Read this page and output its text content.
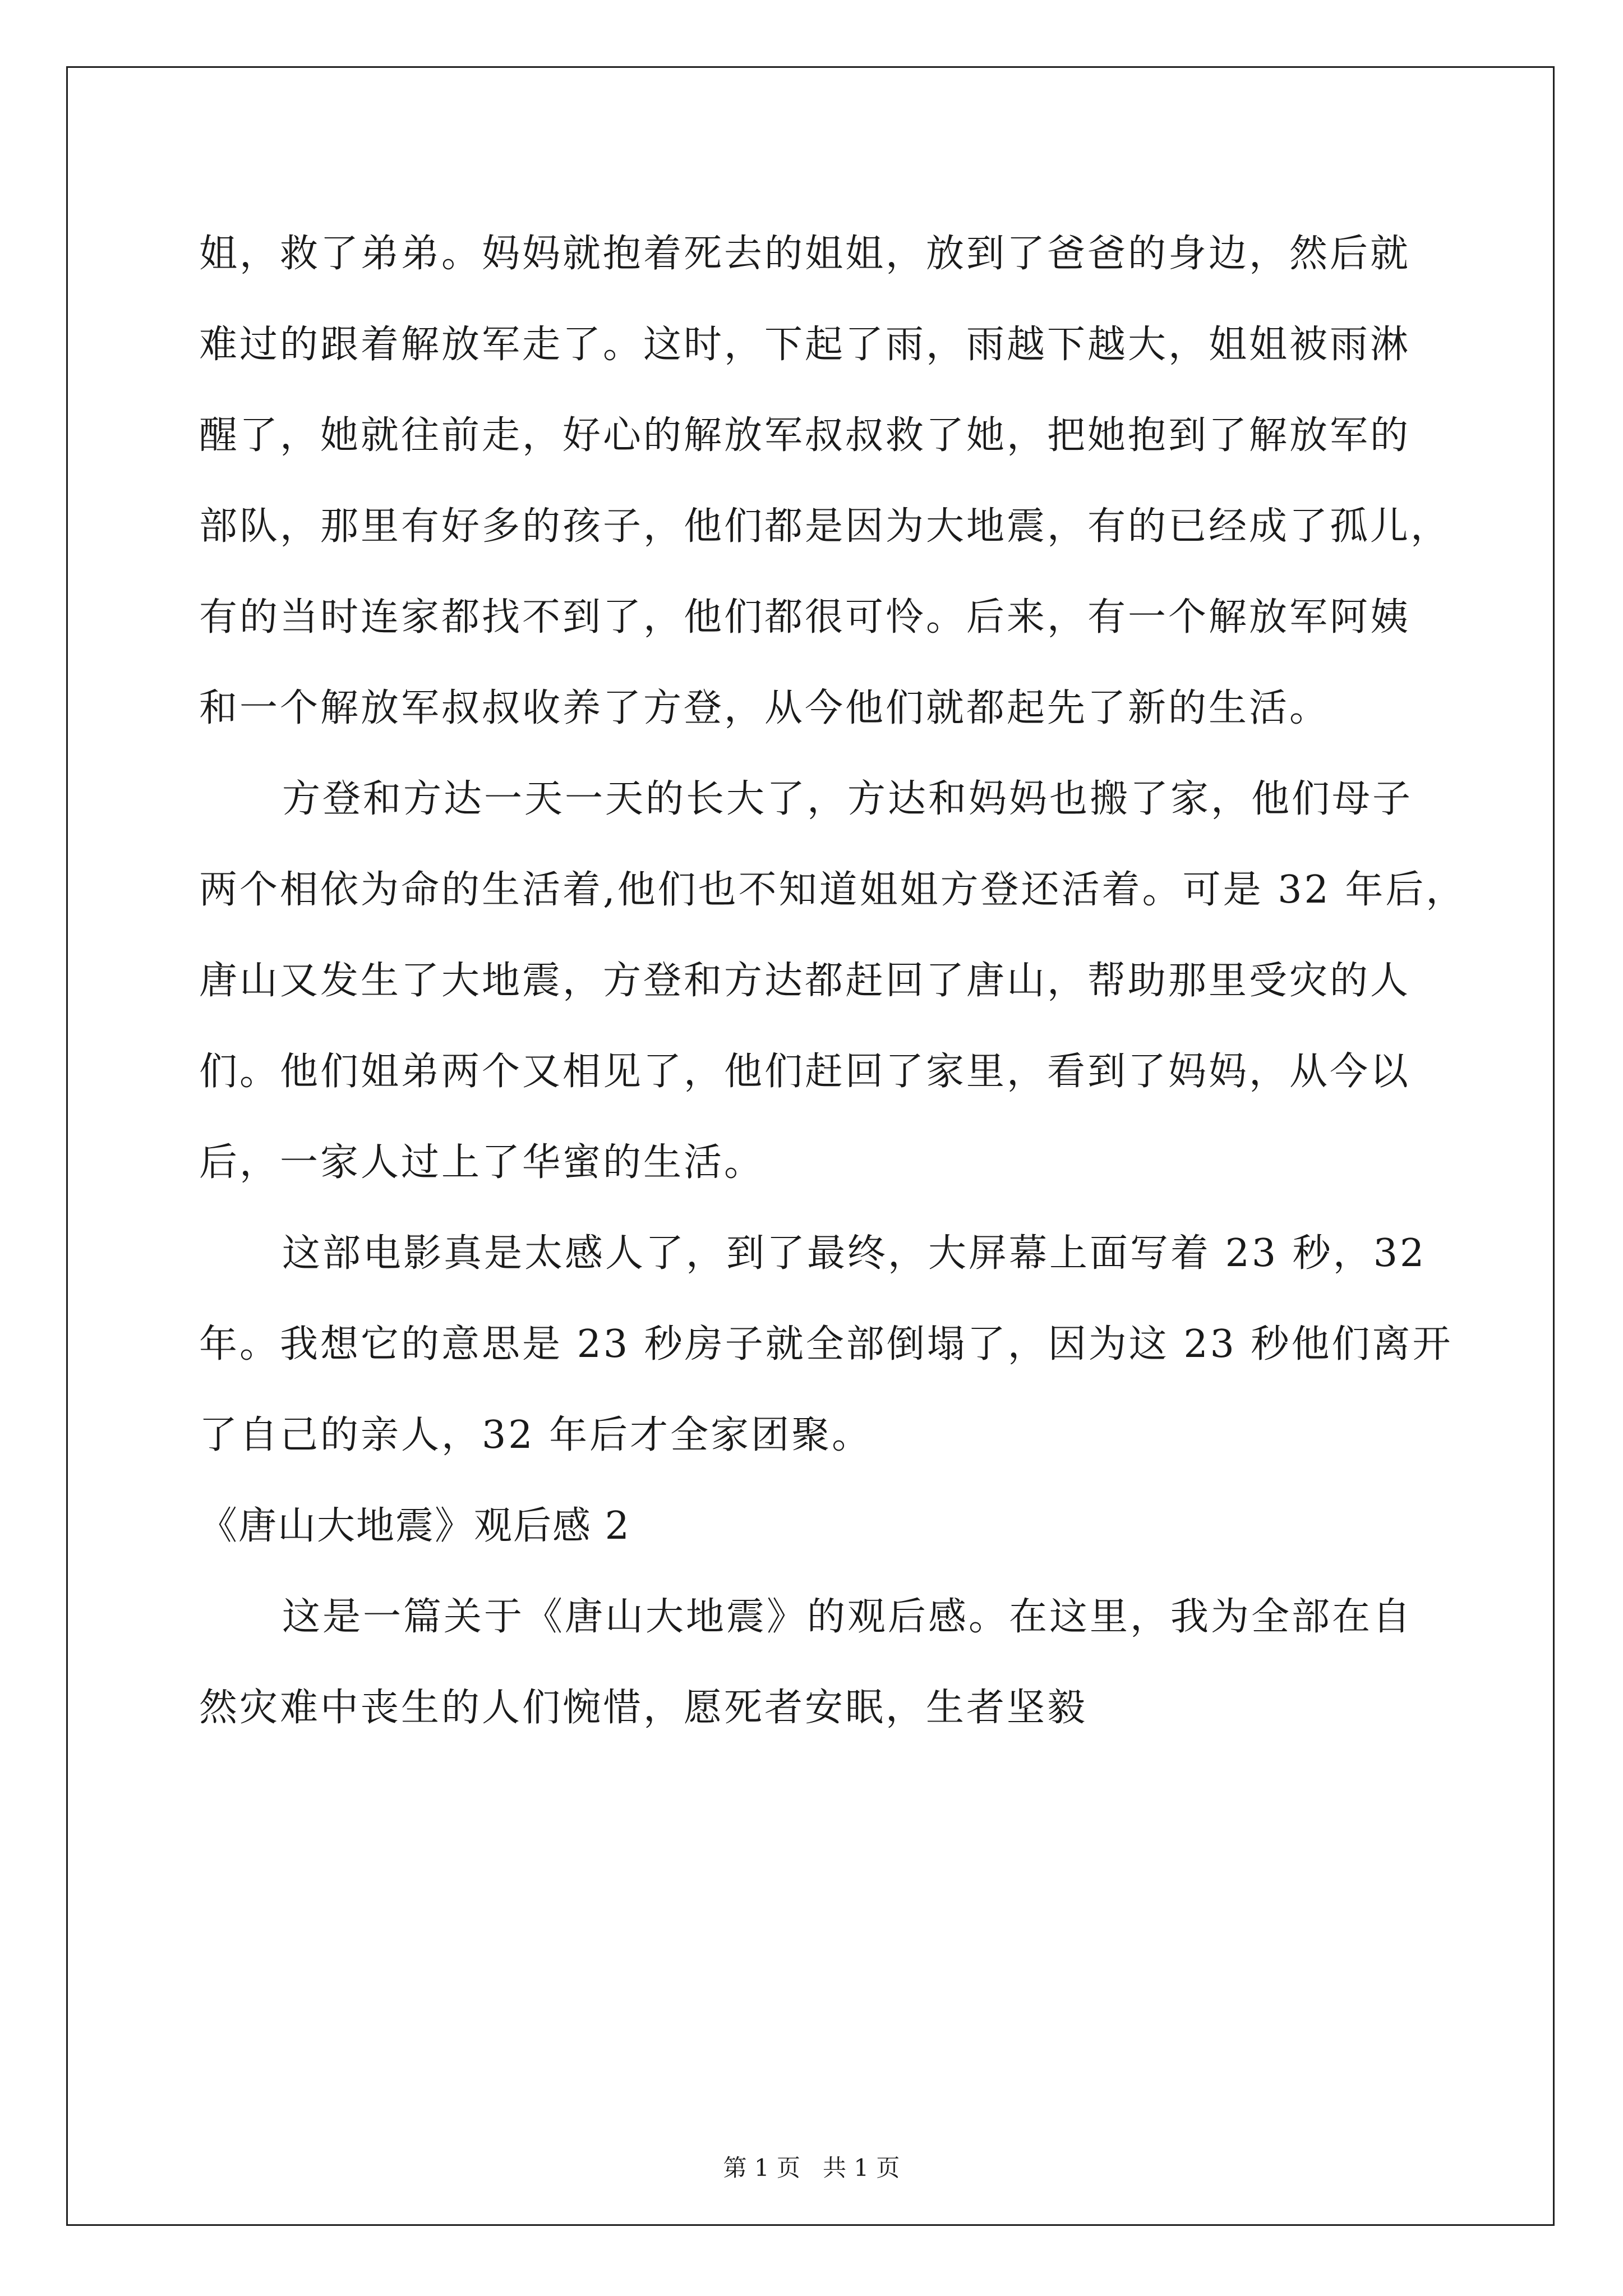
姐，救了弟弟。妈妈就抱着死去的姐姐，放到了爸爸的身边，然后就
难过的跟着解放军走了。这时，下起了雨，雨越下越大，姐姐被雨淋
醒了，她就往前走，好心的解放军叔叔救了她，把她抱到了解放军的
部队，那里有好多的孩子，他们都是因为大地震，有的已经成了孤儿，
有的当时连家都找不到了，他们都很可怜。后来，有一个解放军阿姨
和一个解放军叔叔收养了方登，从今他们就都起先了新的生活。
方登和方达一天一天的长大了，方达和妈妈也搬了家，他们母子
两个相依为命的生活着,他们也不知道姐姐方登还活着。可是 32 年后，
唐山又发生了大地震，方登和方达都赶回了唐山，帮助那里受灾的人
们。他们姐弟两个又相见了，他们赶回了家里，看到了妈妈，从今以
后，一家人过上了华蜜的生活。
这部电影真是太感人了，到了最终，大屏幕上面写着 23 秒，32
年。我想它的意思是 23 秒房子就全部倒塌了，因为这 23 秒他们离开
了自己的亲人，32 年后才全家团聚。
《唐山大地震》观后感 2
这是一篇关于《唐山大地震》的观后感。在这里，我为全部在自
然灾难中丧生的人们惋惜，愿死者安眠，生者坚毅
第 1 页 共 1 页
